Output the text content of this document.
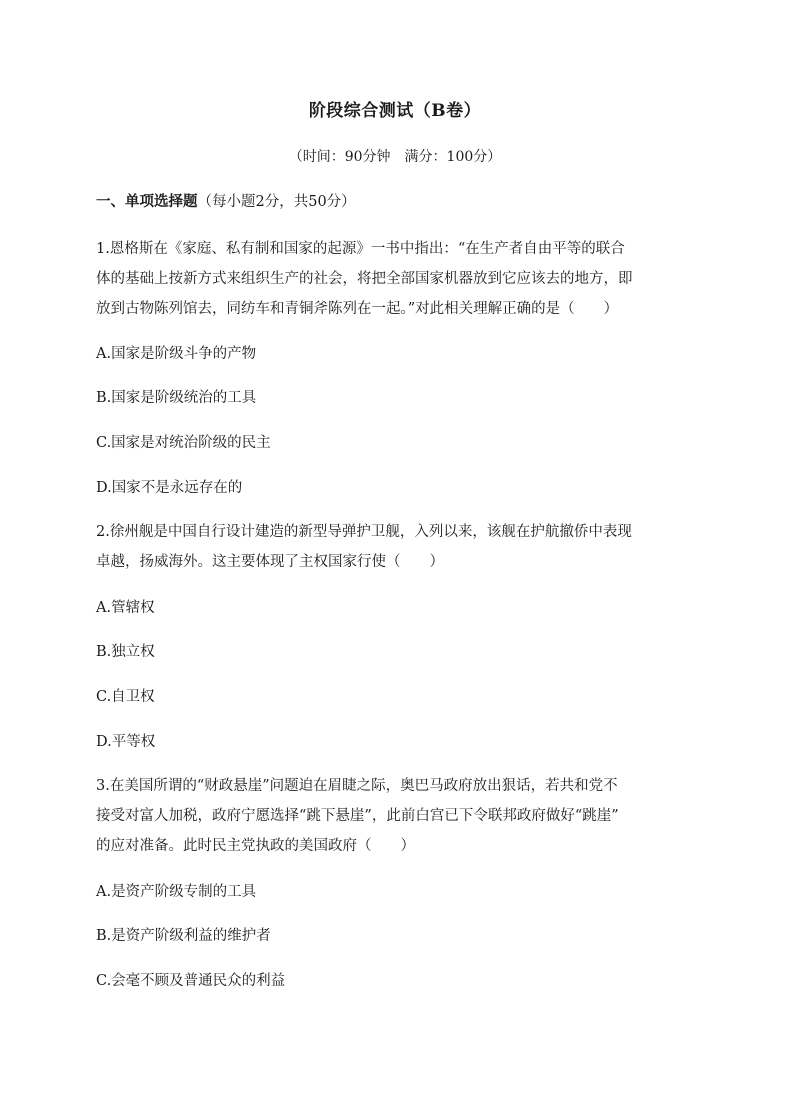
阶段综合测试（B卷）
（时间：90分钟　满分：100分）
一、单项选择题（每小题2分，共50分）
1.恩格斯在《家庭、私有制和国家的起源》一书中指出：“在生产者自由平等的联合
体的基础上按新方式来组织生产的社会，将把全部国家机器放到它应该去的地方，即
放到古物陈列馆去，同纺车和青铜斧陈列在一起。”对此相关理解正确的是（　　）
A.国家是阶级斗争的产物
B.国家是阶级统治的工具
C.国家是对统治阶级的民主
D.国家不是永远存在的
2.徐州舰是中国自行设计建造的新型导弹护卫舰，入列以来，该舰在护航撤侨中表现
卓越，扬威海外。这主要体现了主权国家行使（　　）
A.管辖权
B.独立权
C.自卫权
D.平等权
3.在美国所谓的“财政悬崖”问题迫在眉睫之际，奥巴马政府放出狠话，若共和党不
接受对富人加税，政府宁愿选择“跳下悬崖”，此前白宫已下令联邦政府做好“跳崖”
的应对准备。此时民主党执政的美国政府（　　）
A.是资产阶级专制的工具
B.是资产阶级利益的维护者
C.会毫不顾及普通民众的利益
